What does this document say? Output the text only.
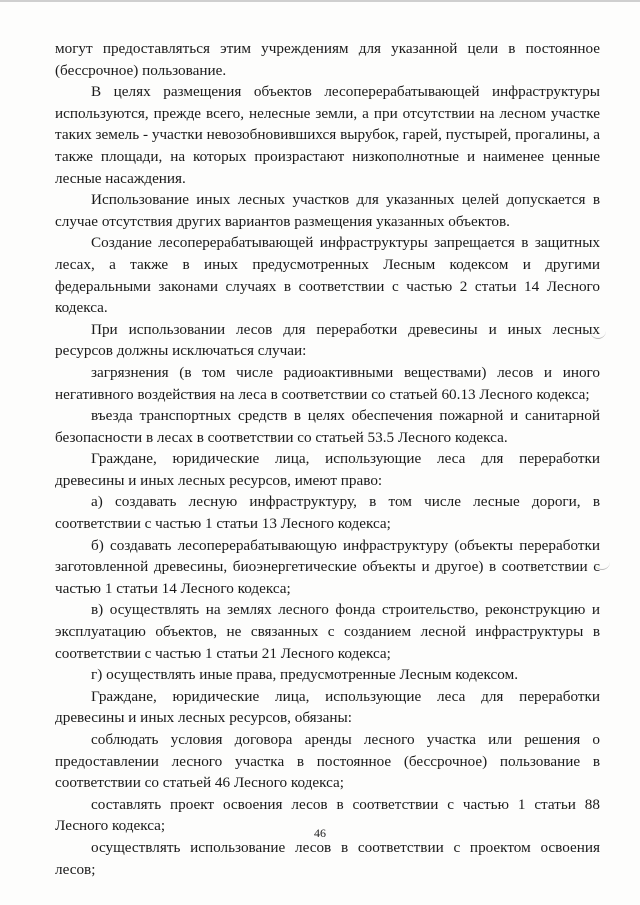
могут предоставляться этим учреждениям для указанной цели в постоянное (бессрочное) пользование.

В целях размещения объектов лесоперерабатывающей инфраструктуры используются, прежде всего, нелесные земли, а при отсутствии на лесном участке таких земель - участки невозобновившихся вырубок, гарей, пустырей, прогалины, а также площади, на которых произрастают низкополнотные и наименее ценные лесные насаждения.

Использование иных лесных участков для указанных целей допускается в случае отсутствия других вариантов размещения указанных объектов.

Создание лесоперерабатывающей инфраструктуры запрещается в защитных лесах, а также в иных предусмотренных Лесным кодексом и другими федеральными законами случаях в соответствии с частью 2 статьи 14 Лесного кодекса.

При использовании лесов для переработки древесины и иных лесных ресурсов должны исключаться случаи:

загрязнения (в том числе радиоактивными веществами) лесов и иного негативного воздействия на леса в соответствии со статьей 60.13 Лесного кодекса;

въезда транспортных средств в целях обеспечения пожарной и санитарной безопасности в лесах в соответствии со статьей 53.5 Лесного кодекса.

Граждане, юридические лица, использующие леса для переработки древесины и иных лесных ресурсов, имеют право:

а) создавать лесную инфраструктуру, в том числе лесные дороги, в соответствии с частью 1 статьи 13 Лесного кодекса;

б) создавать лесоперерабатывающую инфраструктуру (объекты переработки заготовленной древесины, биоэнергетические объекты и другое) в соответствии с частью 1 статьи 14 Лесного кодекса;

в) осуществлять на землях лесного фонда строительство, реконструкцию и эксплуатацию объектов, не связанных с созданием лесной инфраструктуры в соответствии с частью 1 статьи 21 Лесного кодекса;

г) осуществлять иные права, предусмотренные Лесным кодексом.

Граждане, юридические лица, использующие леса для переработки древесины и иных лесных ресурсов, обязаны:

соблюдать условия договора аренды лесного участка или решения о предоставлении лесного участка в постоянное (бессрочное) пользование в соответствии со статьей 46 Лесного кодекса;

составлять проект освоения лесов в соответствии с частью 1 статьи 88 Лесного кодекса;

осуществлять использование лесов в соответствии с проектом освоения лесов;

46
